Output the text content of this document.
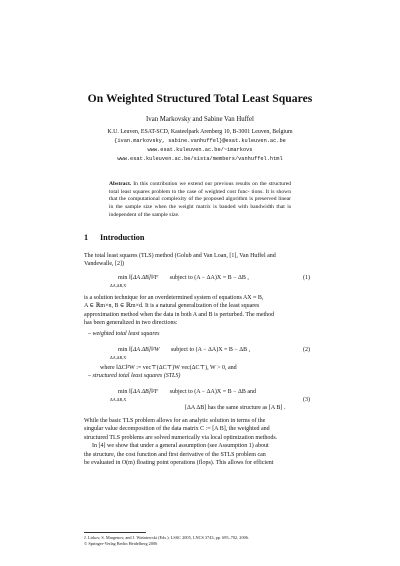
On Weighted Structured Total Least Squares
Ivan Markovsky and Sabine Van Huffel
K.U. Leuven, ESAT-SCD, Kasteelpark Arenberg 10, B-3001 Leuven, Belgium
{ivan.markovsky, sabine.vanhuffel}@esat.kuleuven.ac.be
www.esat.kuleuven.ac.be/~imarkovs
www.esat.kuleuven.ac.be/sista/members/vanhuffel.html
Abstract. In this contribution we extend our previous results on the structured total least squares problem to the case of weighted cost func- tions. It is shown that the computational complexity of the proposed algorithm is preserved linear in the sample size when the weight matrix is banded with bandwidth that is independent of the sample size.
1 Introduction
The total least squares (TLS) method (Golub and Van Loan, [1], Van Huffel and
Vandewalle, [2])
min ‖[ΔA ΔB]‖²F subject to (A − ΔA)X = B − ΔB ,
ΔA,ΔB,X
(1)
is a solution technique for an overdetermined system of equations AX ≈ B,
A ∈ ℝm×n, B ∈ ℝm×d. It is a natural generalization of the least squares
approximation method when the data in both A and B is perturbed. The method
has been generalized in two directions:
– weighted total least squares
min ‖[ΔA ΔB]‖²W subject to (A − ΔA)X = B − ΔB ,
ΔA,ΔB,X
(2)
where ‖ΔC‖²W := vec⊤(ΔC⊤)W vec(ΔC⊤), W > 0, and
– structured total least squares (STLS)
min ‖[ΔA ΔB]‖²F subject to (A − ΔA)X = B − ΔB and
ΔA,ΔB,X
[ΔA ΔB] has the same structure as [A B] .
(3)
While the basic TLS problem allows for an analytic solution in terms of the
singular value decomposition of the data matrix C := [A B], the weighted and
structured TLS problems are solved numerically via local optimization methods.
In [4] we show that under a general assumption (see Assumption 1) about
the structure, the cost function and first derivative of the STLS problem can
be evaluated in O(m) floating point operations (flops). This allows for efficient
J. Lirkov, S. Margenov, and J. Waśniewski (Eds.): LSSC 2005, LNCS 3743, pp. 695–702, 2006.
© Springer-Verlag Berlin Heidelberg 2006
